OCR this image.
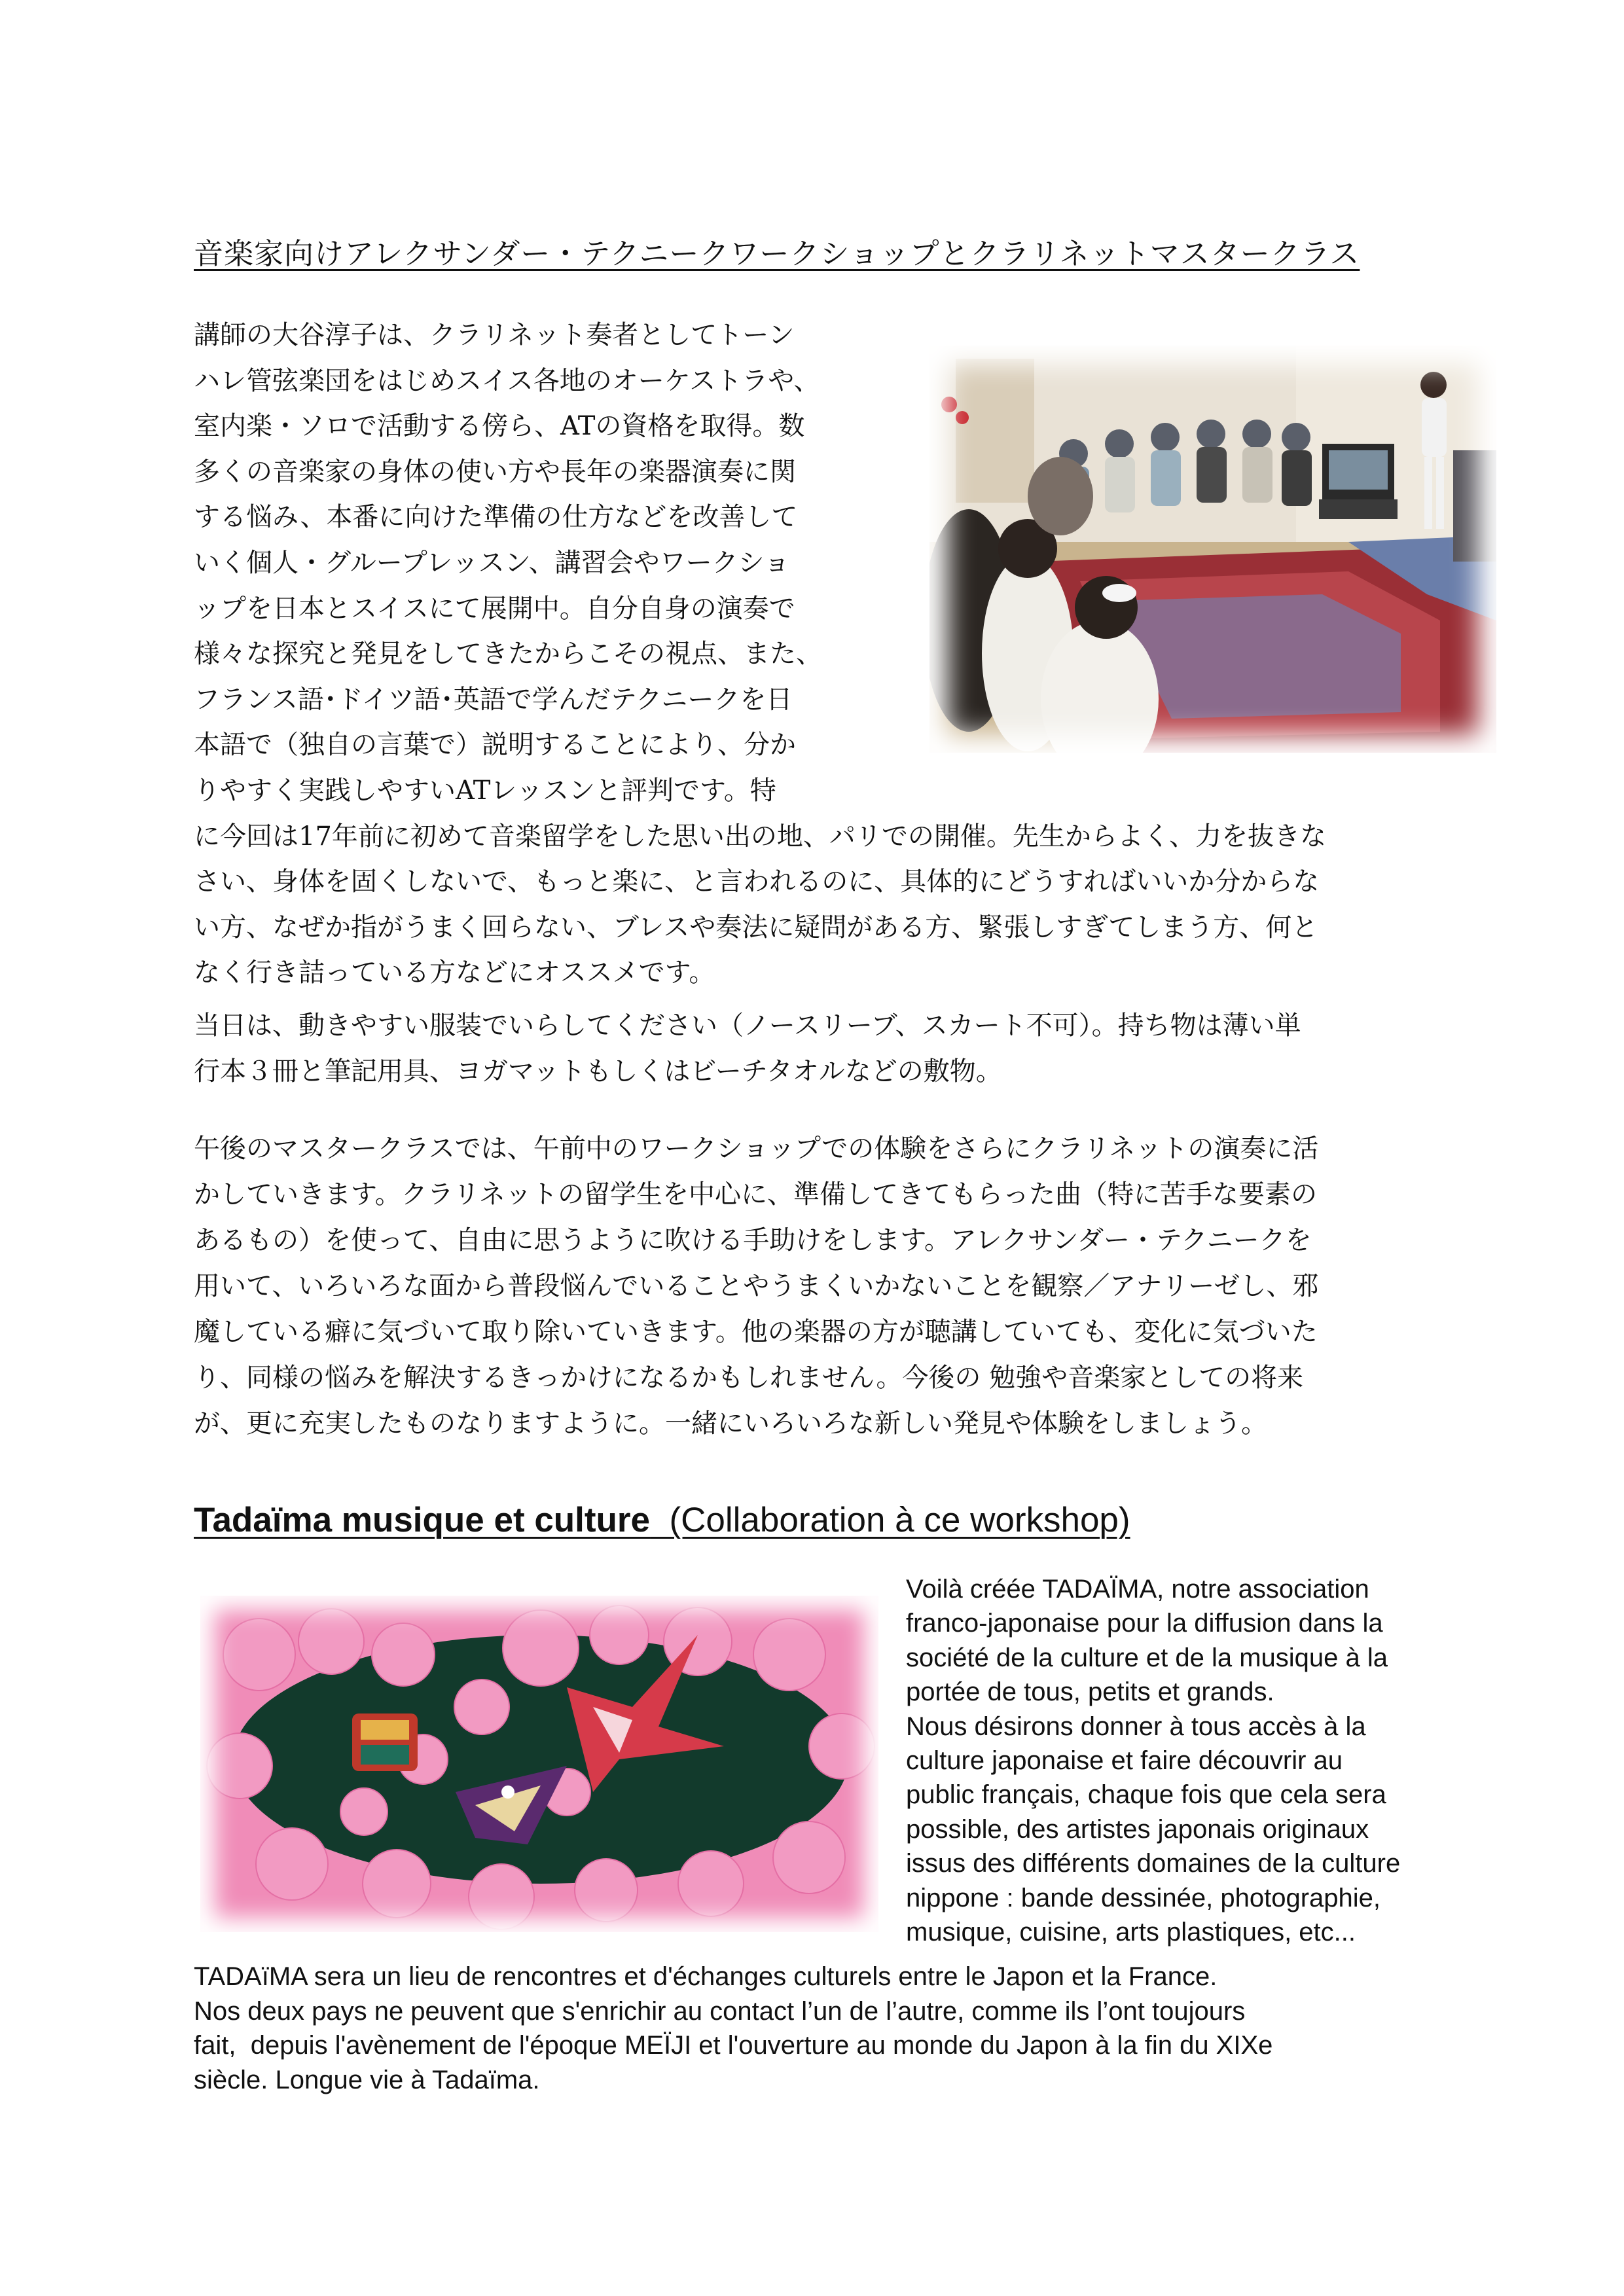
音楽家向けアレクサンダー・テクニークワークショップとクラリネットマスタークラス
講師の大谷淳子は、クラリネット奏者としてトーン
ハレ管弦楽団をはじめスイス各地のオーケストラや、
室内楽・ソロで活動する傍ら、ATの資格を取得。数
多くの音楽家の身体の使い方や長年の楽器演奏に関
する悩み、本番に向けた準備の仕方などを改善して
いく個人・グループレッスン、講習会やワークショ
ップを日本とスイスにて展開中。自分自身の演奏で
様々な探究と発見をしてきたからこその視点、また、
フランス語･ドイツ語･英語で学んだテクニークを日
本語で（独自の言葉で）説明することにより、分か
りやすく実践しやすいATレッスンと評判です。特
に今回は17年前に初めて音楽留学をした思い出の地、パリでの開催。先生からよく、力を抜きな
さい、身体を固くしないで、もっと楽に、と言われるのに、具体的にどうすればいいか分からな
い方、なぜか指がうまく回らない、ブレスや奏法に疑問がある方、緊張しすぎてしまう方、何と
なく行き詰っている方などにオススメです。
当日は、動きやすい服装でいらしてください（ノースリーブ、スカート不可）。持ち物は薄い単
行本３冊と筆記用具、ヨガマットもしくはビーチタオルなどの敷物。
午後のマスタークラスでは、午前中のワークショップでの体験をさらにクラリネットの演奏に活
かしていきます。クラリネットの留学生を中心に、準備してきてもらった曲（特に苦手な要素の
あるもの）を使って、自由に思うように吹ける手助けをします。アレクサンダー・テクニークを
用いて、いろいろな面から普段悩んでいることやうまくいかないことを観察／アナリーゼし、邪
魔している癖に気づいて取り除いていきます。他の楽器の方が聴講していても、変化に気づいた
り、同様の悩みを解決するきっかけになるかもしれません。今後の 勉強や音楽家としての将来
が、更に充実したものなりますように。一緒にいろいろな新しい発見や体験をしましょう。
Tadaïma musique et culture  (Collaboration à ce workshop)
Voilà créée TADAÏMA, notre association
franco-japonaise pour la diffusion dans la
société de la culture et de la musique à la
portée de tous, petits et grands.
Nous désirons donner à tous accès à la
culture japonaise et faire découvrir au
public français, chaque fois que cela sera
possible, des artistes japonais originaux
issus des différents domaines de la culture
nippone : bande dessinée, photographie,
musique, cuisine, arts plastiques, etc...
TADAïMA sera un lieu de rencontres et d'échanges culturels entre le Japon et la France.
Nos deux pays ne peuvent que s'enrichir au contact l’un de l’autre, comme ils l’ont toujours
fait,  depuis l'avènement de l'époque MEÏJI et l'ouverture au monde du Japon à la fin du XIXe
siècle. Longue vie à Tadaïma.
